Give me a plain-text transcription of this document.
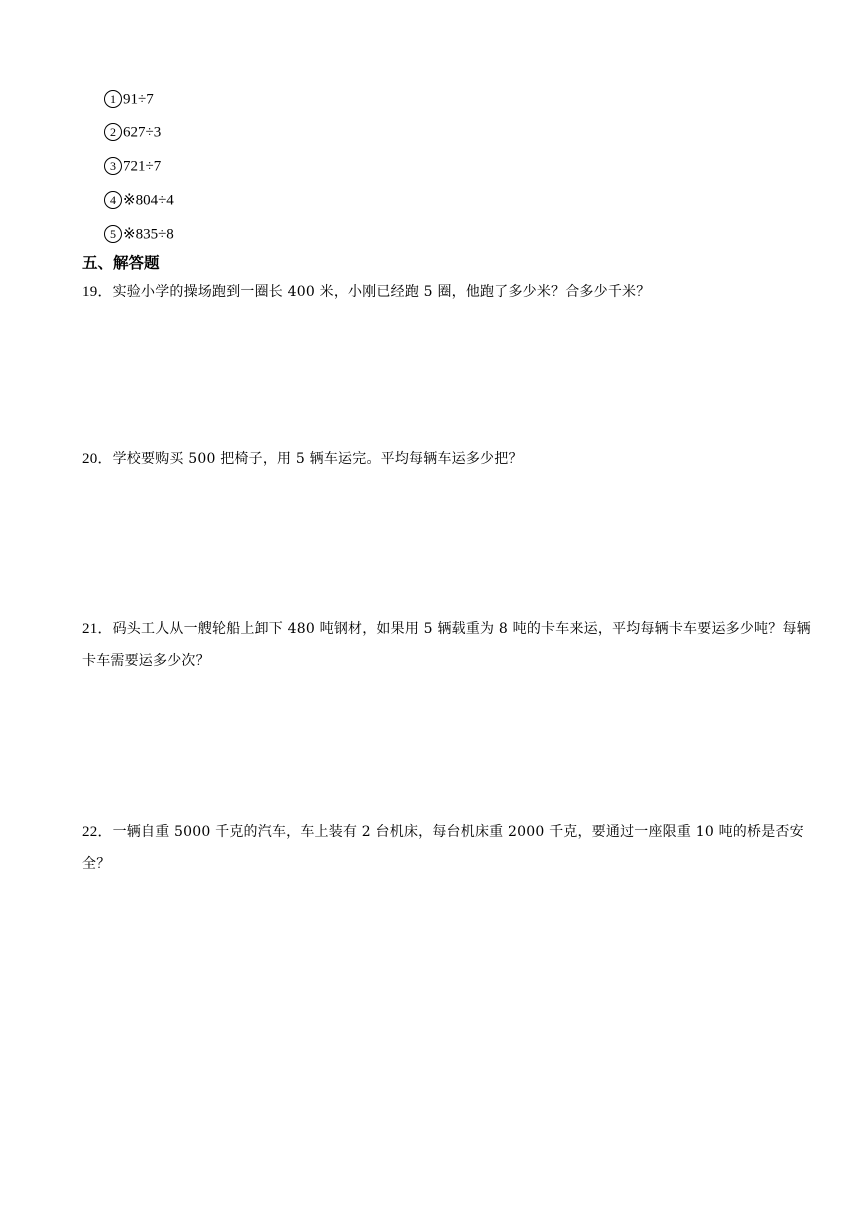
1 91÷7
2 627÷3
3 721÷7
4 ※804÷4
5 ※835÷8
五、解答题
19．实验小学的操场跑到一圈长 400 米，小刚已经跑 5 圈，他跑了多少米？合多少千米？
20．学校要购买 500 把椅子，用 5 辆车运完。平均每辆车运多少把？
21．码头工人从一艘轮船上卸下 480 吨钢材，如果用 5 辆载重为 8 吨的卡车来运，平均每辆卡车要运多少吨？每辆卡车需要运多少次？
22．一辆自重 5000 千克的汽车，车上装有 2 台机床，每台机床重 2000 千克，要通过一座限重 10 吨的桥是否安全？
